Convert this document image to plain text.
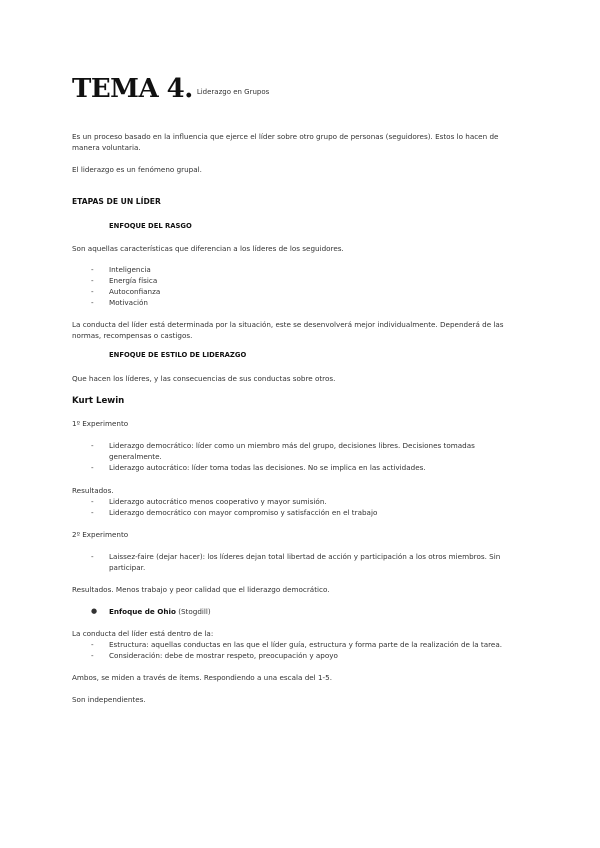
TEMA 4. Liderazgo en Grupos
Es un proceso basado en la influencia que ejerce el líder sobre otro grupo de personas (seguidores). Estos lo hacen de
manera voluntaria.
El liderazgo es un fenómeno grupal.
ETAPAS DE UN LÍDER
ENFOQUE DEL RASGO
Son aquellas características que diferencian a los líderes de los seguidores.
- Inteligencia
- Energía física
- Autoconfianza
- Motivación
La conducta del líder está determinada por la situación, este se desenvolverá mejor individualmente. Dependerá de las
normas, recompensas o castigos.
ENFOQUE DE ESTILO DE LIDERAZGO
Que hacen los líderes, y las consecuencias de sus conductas sobre otros.
Kurt Lewin
1º Experimento
- Liderazgo democrático: líder como un miembro más del grupo, decisiones libres. Decisiones tomadas
generalmente.
- Liderazgo autocrático: líder toma todas las decisiones. No se implica en las actividades.
Resultados.
- Liderazgo autocrático menos cooperativo y mayor sumisión.
- Liderazgo democrático con mayor compromiso y satisfacción en el trabajo
2º Experimento
- Laissez-faire (dejar hacer): los líderes dejan total libertad de acción y participación a los otros miembros. Sin
participar.
Resultados. Menos trabajo y peor calidad que el liderazgo democrático.
● Enfoque de Ohio (Stogdill)
La conducta del líder está dentro de la:
- Estructura: aquellas conductas en las que el líder guía, estructura y forma parte de la realización de la tarea.
- Consideración: debe de mostrar respeto, preocupación y apoyo
Ambos, se miden a través de ítems. Respondiendo a una escala del 1-5.
Son independientes.
